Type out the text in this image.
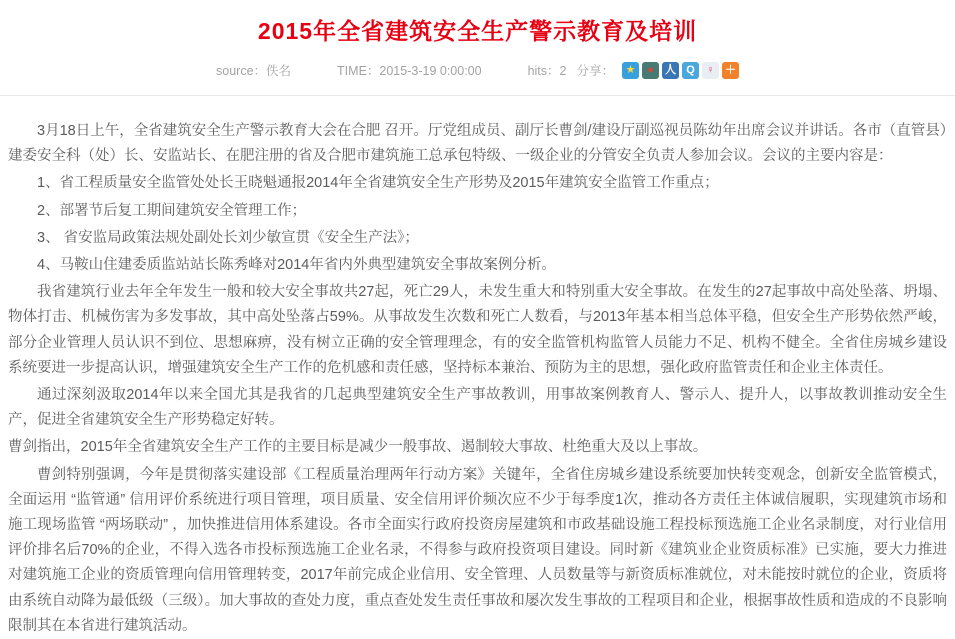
2015年全省建筑安全生产警示教育及培训
source：佚名	TIME：2015-3-19 0:00:00	hits：2 分享：	★	●	人 Q	♀ ＋

3月18日上午，全省建筑安全生产警示教育大会在合肥 召开。厅党组成员、副厅长曹剑/建设厅副巡视员陈幼年出席会议并讲话。各市（直管县）建委安全科（处）长、安监站长、在肥注册的省及合肥市建筑施工总承包特级、一级企业的分管安全负责人参加会议。会议的主要内容是：

1、省工程质量安全监管处处长王晓魁通报2014年全省建筑安全生产形势及2015年建筑安全监管工作重点；

2、部署节后复工期间建筑安全管理工作；

3、 省安监局政策法规处副处长刘少敏宣贯《安全生产法》；

4、马鞍山住建委质监站站长陈秀峰对2014年省内外典型建筑安全事故案例分析。

我省建筑行业去年全年发生一般和较大安全事故共27起，死亡29人，未发生重大和特别重大安全事故。在发生的27起事故中高处坠落、坍塌、物体打击、机械伤害为多发事故，其中高处坠落占59%。从事故发生次数和死亡人数看，与2013年基本相当总体平稳，但安全生产形势依然严峻，部分企业管理人员认识不到位、思想麻痹，没有树立正确的安全管理理念，有的安全监管机构监管人员能力不足、机构不健全。全省住房城乡建设系统要进一步提高认识，增强建筑安全生产工作的危机感和责任感，坚持标本兼治、预防为主的思想，强化政府监管责任和企业主体责任。

通过深刻汲取2014年以来全国尤其是我省的几起典型建筑安全生产事故教训，用事故案例教育人、警示人、提升人，以事故教训推动安全生产，促进全省建筑安全生产形势稳定好转。

曹剑指出，2015年全省建筑安全生产工作的主要目标是减少一般事故、遏制较大事故、杜绝重大及以上事故。

曹剑特别强调，今年是贯彻落实建设部《工程质量治理两年行动方案》关键年，全省住房城乡建设系统要加快转变观念，创新安全监管模式，全面运用 “监管通” 信用评价系统进行项目管理，项目质量、安全信用评价频次应不少于每季度1次，推动各方责任主体诚信履职，实现建筑市场和施工现场监管 “两场联动” ，加快推进信用体系建设。各市全面实行政府投资房屋建筑和市政基础设施工程投标预选施工企业名录制度，对行业信用评价排名后70%的企业，不得入选各市投标预选施工企业名录，不得参与政府投资项目建设。同时新《建筑业企业资质标准》已实施，要大力推进对建筑施工企业的资质管理向信用管理转变，2017年前完成企业信用、安全管理、人员数量等与新资质标准就位，对未能按时就位的企业，资质将由系统自动降为最低级（三级）。加大事故的查处力度，重点查处发生责任事故和屡次发生事故的工程项目和企业，根据事故性质和造成的不良影响限制其在本省进行建筑活动。
